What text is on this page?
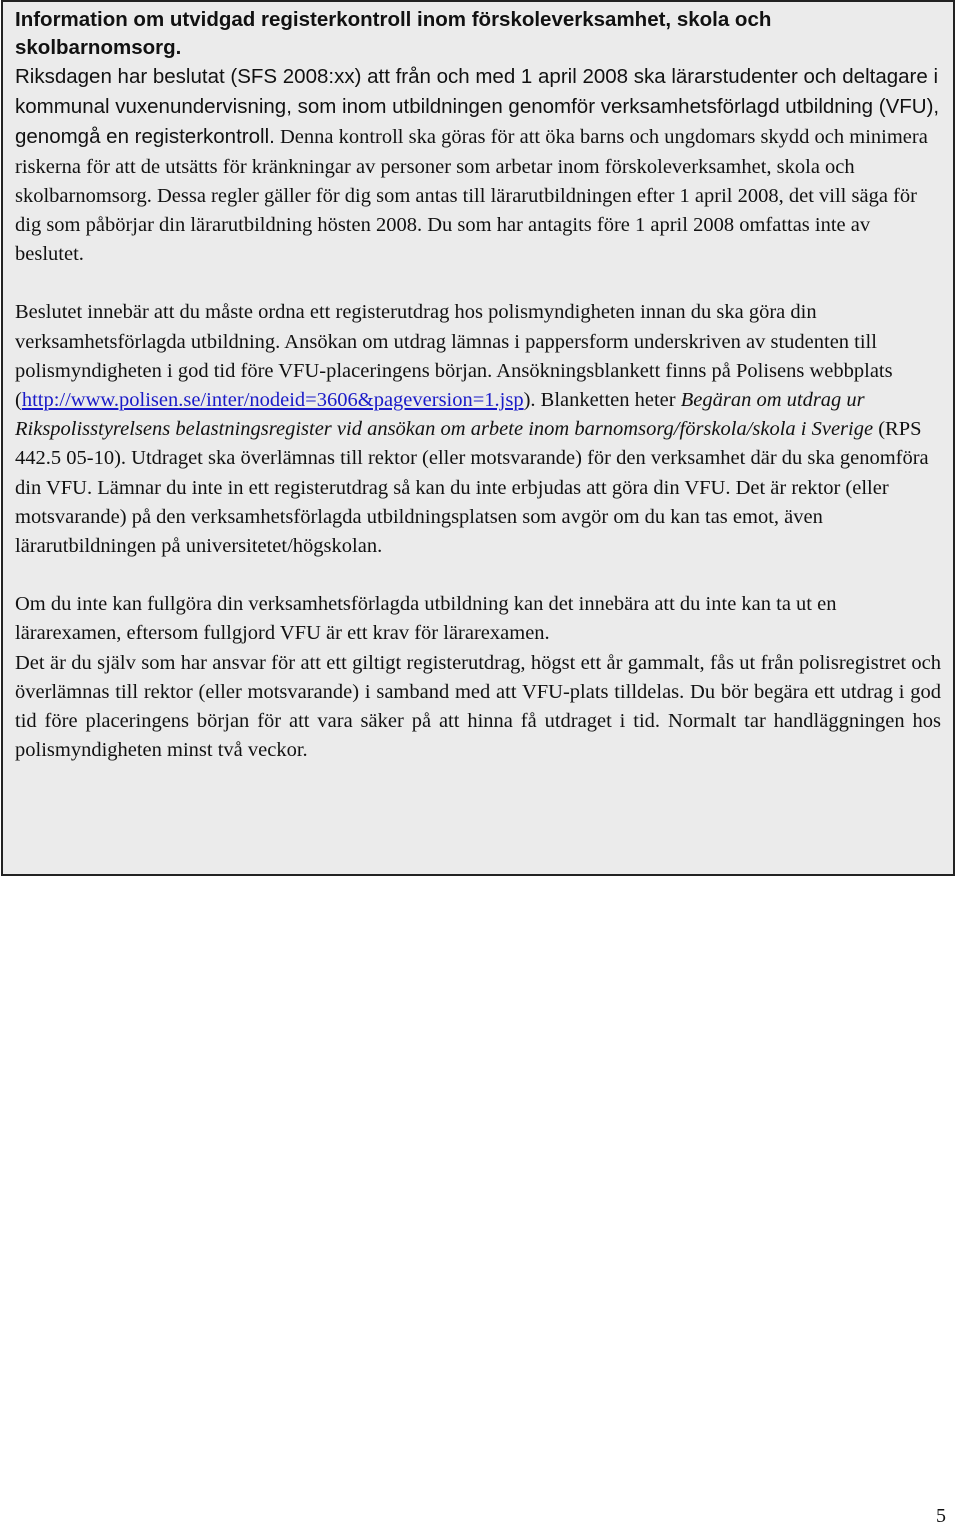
Information om utvidgad registerkontroll inom förskoleverksamhet, skola och skolbarnomsorg.

Riksdagen har beslutat (SFS 2008:xx) att från och med 1 april 2008 ska lärarstudenter och deltagare i kommunal vuxenundervisning, som inom utbildningen genomför verksamhetsförlagd utbildning (VFU), genomgå en registerkontroll. Denna kontroll ska göras för att öka barns och ungdomars skydd och minimera riskerna för att de utsätts för kränkningar av personer som arbetar inom förskoleverksamhet, skola och skolbarnomsorg. Dessa regler gäller för dig som antas till lärarutbildningen efter 1 april 2008, det vill säga för dig som påbörjar din lärarutbildning hösten 2008. Du som har antagits före 1 april 2008 omfattas inte av beslutet.

Beslutet innebär att du måste ordna ett registerutdrag hos polismyndigheten innan du ska göra din verksamhetsförlagda utbildning. Ansökan om utdrag lämnas i pappersform underskriven av studenten till polismyndigheten i god tid före VFU-placeringens början. Ansökningsblankett finns på Polisens webbplats (http://www.polisen.se/inter/nodeid=3606&pageversion=1.jsp). Blanketten heter Begäran om utdrag ur Rikspolisstyrelsens belastningsregister vid ansökan om arbete inom barnomsorg/förskola/skola i Sverige (RPS 442.5 05-10). Utdraget ska överlämnas till rektor (eller motsvarande) för den verksamhet där du ska genomföra din VFU. Lämnar du inte in ett registerutdrag så kan du inte erbjudas att göra din VFU. Det är rektor (eller motsvarande) på den verksamhetsförlagda utbildningsplatsen som avgör om du kan tas emot, även lärarutbildningen på universitetet/högskolan.

Om du inte kan fullgöra din verksamhetsförlagda utbildning kan det innebära att du inte kan ta ut en lärarexamen, eftersom fullgjord VFU är ett krav för lärarexamen.

Det är du själv som har ansvar för att ett giltigt registerutdrag, högst ett år gammalt, fås ut från polisregistret och överlämnas till rektor (eller motsvarande) i samband med att VFU-plats tilldelas. Du bör begära ett utdrag i god tid före placeringens början för att vara säker på att hinna få utdraget i tid. Normalt tar handläggningen hos polismyndigheten minst två veckor.

5
